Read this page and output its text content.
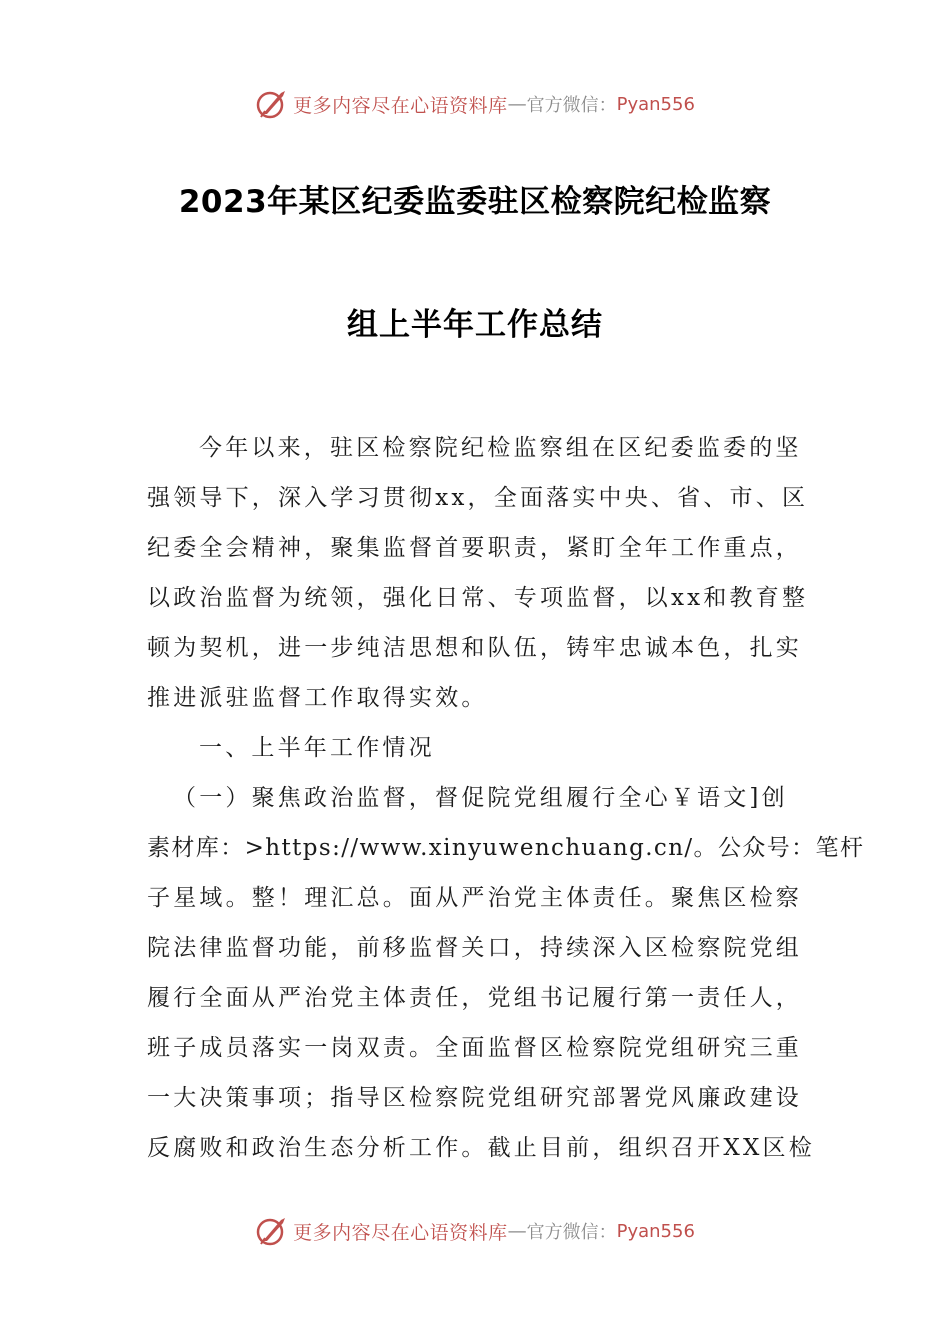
更多内容尽在心语资料库 — 官方微信： Pyan556
2023年某区纪委监委驻区检察院纪检监察
组上半年工作总结
今年以来，驻区检察院纪检监察组在区纪委监委的坚
强领导下，深入学习贯彻xx，全面落实中央、省、市、区
纪委全会精神，聚集监督首要职责，紧盯全年工作重点，
以政治监督为统领，强化日常、专项监督，以xx和教育整
顿为契机，进一步纯洁思想和队伍，铸牢忠诚本色，扎实
推进派驻监督工作取得实效。
一、上半年工作情况
（一）聚焦政治监督，督促院党组履行全心￥语文]创
素材库：>https://www.xinyuwenchuang.cn/。公众号：笔杆
子星域。整！理汇总。面从严治党主体责任。聚焦区检察
院法律监督功能，前移监督关口，持续深入区检察院党组
履行全面从严治党主体责任，党组书记履行第一责任人，
班子成员落实一岗双责。全面监督区检察院党组研究三重
一大决策事项；指导区检察院党组研究部署党风廉政建设
反腐败和政治生态分析工作。截止目前，组织召开XX区检
更多内容尽在心语资料库 — 官方微信： Pyan556
